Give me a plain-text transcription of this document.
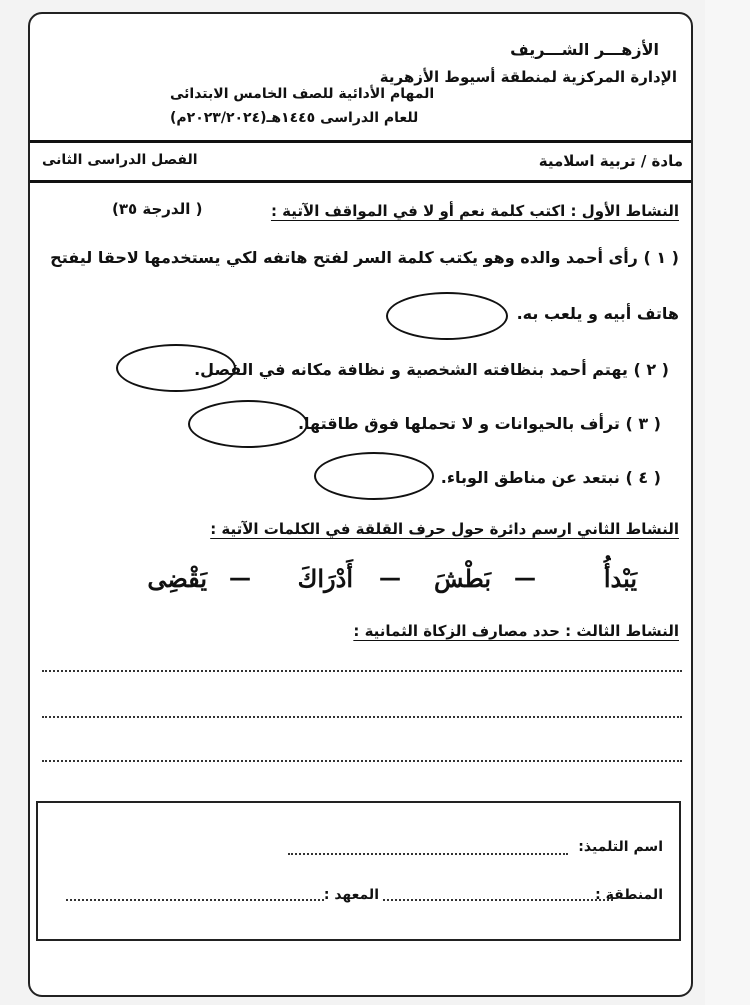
الأزهـــر الشـــريف
الإدارة المركزية لمنطقة أسيوط الأزهرية
المهام الأدائية للصف الخامس الابتدائى
للعام الدراسى ١٤٤٥هـ(٢٠٢٣/٢٠٢٤م)
مادة / تربية اسلامية
الفصل الدراسى الثانى
النشاط الأول : اكتب كلمة نعم أو لا في المواقف الآتية :
( الدرجة ٣٥)
( ١ ) رأى أحمد والده وهو يكتب كلمة السر لفتح هاتفه لكي يستخدمها لاحقا ليفتح
هاتف أبيه و يلعب به.
( ٢ ) يهتم أحمد بنظافته الشخصية و نظافة مكانه في الفصل.
( ٣ ) ترأف بالحيوانات و لا تحملها فوق طاقتها.
( ٤ ) نبتعد عن مناطق الوباء.
النشاط الثاني ارسم دائرة حول حرف القلقة في الكلمات الآتية :
يَبْدأُ
—
بَطْشَ
—
أَدْرَاكَ
—
يَقْضِى
النشاط الثالث : حدد مصارف الزكاة الثمانية :
اسم التلميذ:
المنطقة :
المعهد :
